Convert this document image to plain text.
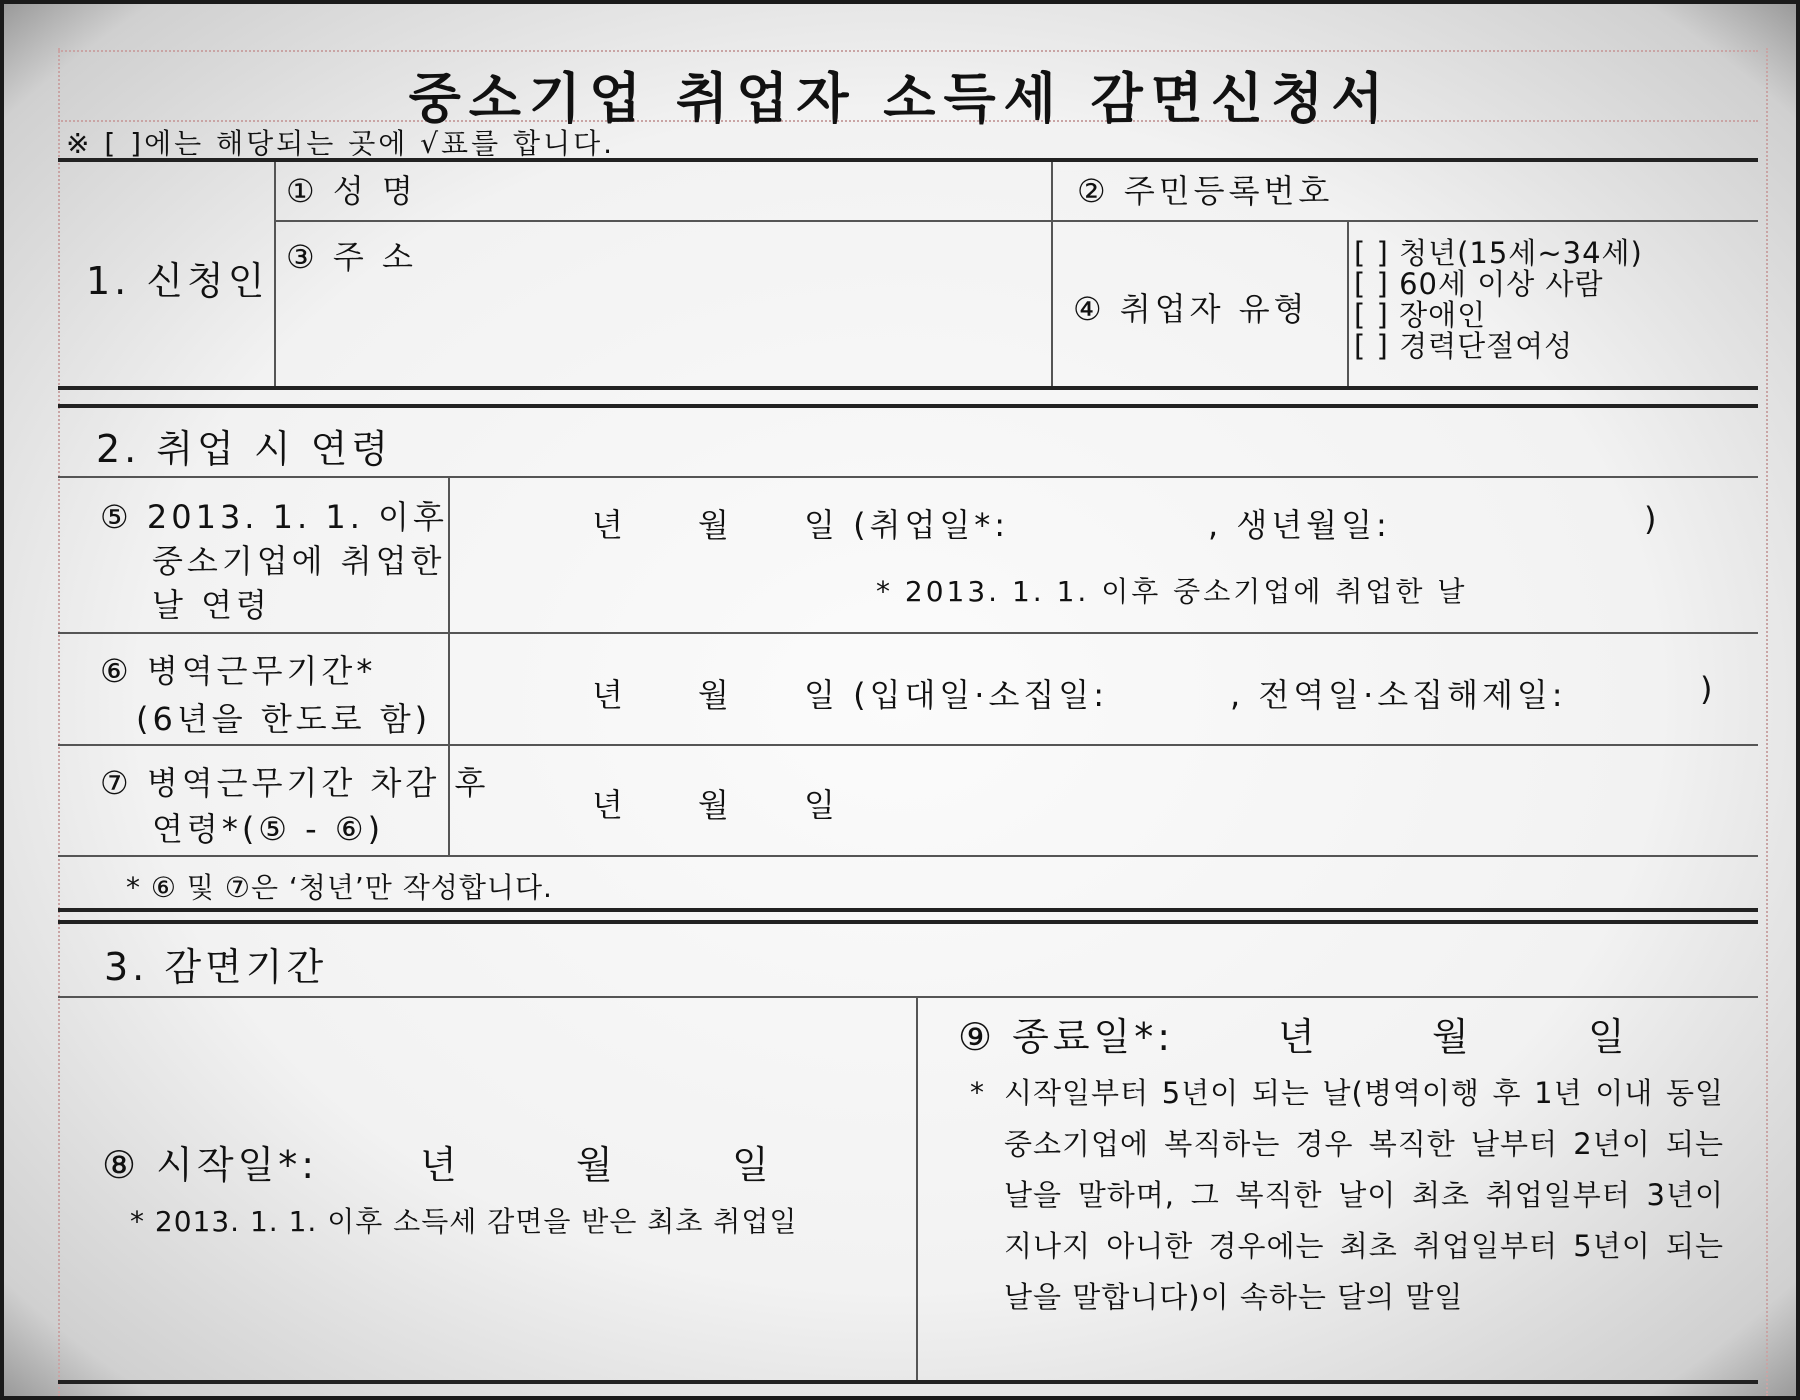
중소기업 취업자 소득세 감면신청서
※ [ ]에는 해당되는 곳에 √표를 합니다.
1. 신청인
① 성 명	② 주민등록번호
③ 주 소
④ 취업자 유형
[ ] 청년(15세~34세)
[ ] 60세 이상 사람
[ ] 장애인
[ ] 경력단절여성
2. 취업 시 연령
⑤ 2013. 1. 1. 이후
중소기업에 취업한
날 연령
년 월 일 (취업일*:	, 생년월일:	)
* 2013. 1. 1. 이후 중소기업에 취업한 날
⑥ 병역근무기간*
(6년을 한도로 함)
년 월 일 (입대일·소집일:	, 전역일·소집해제일:	)
⑦ 병역근무기간 차감 후
연령*(⑤ - ⑥)
년 월 일
* ⑥ 및 ⑦은 ‘청년’만 작성합니다.
3. 감면기간
⑧ 시작일*:	년	월	일
* 2013. 1. 1. 이후 소득세 감면을 받은 최초 취업일
⑨ 종료일*:	년	월	일
* 시작일부터 5년이 되는 날(병역이행 후 1년 이내 동일 중소기업에 복직하는 경우 복직한 날부터 2년이 되는 날을 말하며, 그 복직한 날이 최초 취업일부터 3년이 지나지 아니한 경우에는 최초 취업일부터 5년이 되는 날을 말합니다)이 속하는 달의 말일
